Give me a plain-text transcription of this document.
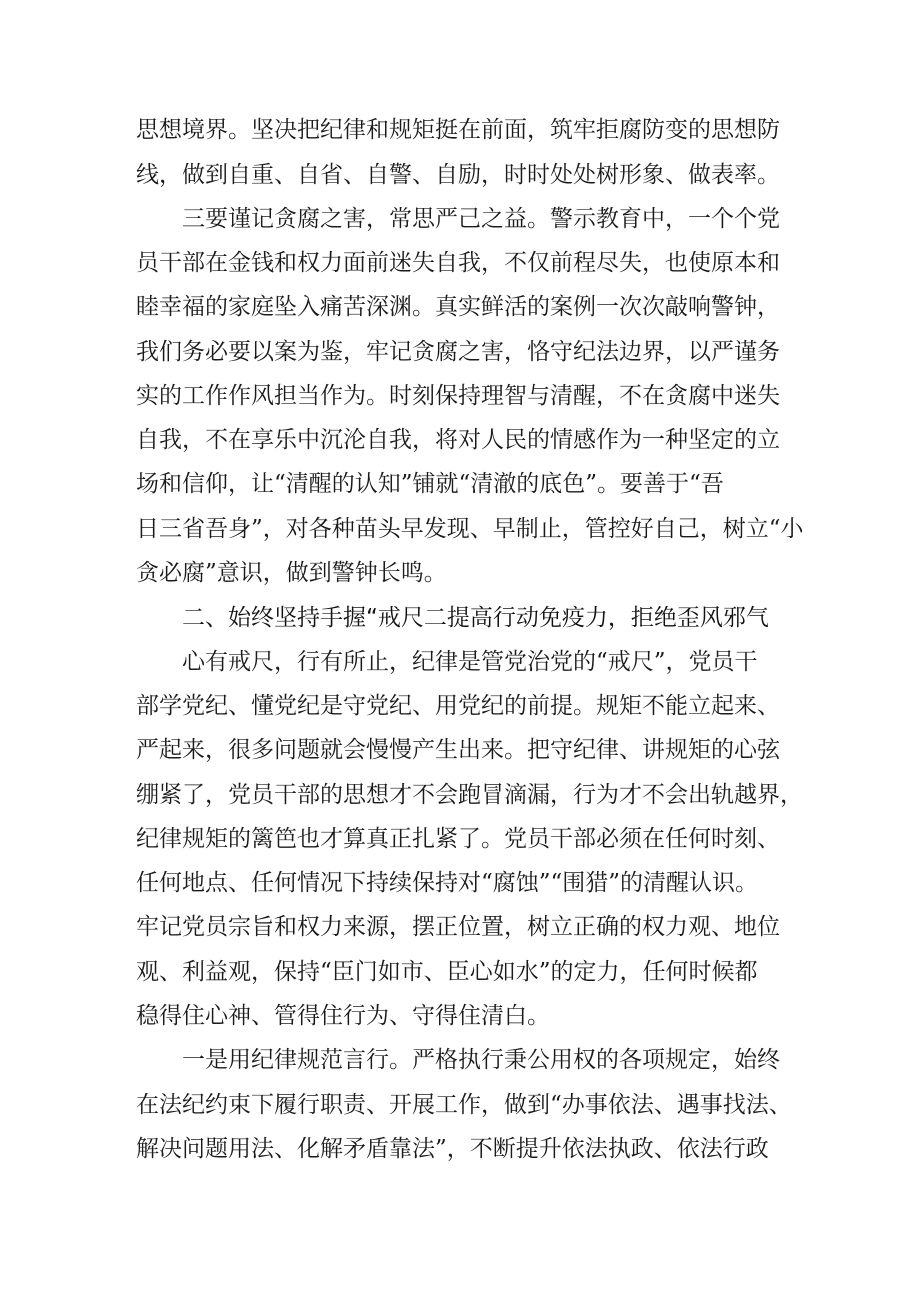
思想境界。坚决把纪律和规矩挺在前面，筑牢拒腐防变的思想防
线，做到自重、自省、自警、自励，时时处处树形象、做表率。
三要谨记贪腐之害，常思严己之益。警示教育中，一个个党
员干部在金钱和权力面前迷失自我，不仅前程尽失，也使原本和
睦幸福的家庭坠入痛苦深渊。真实鲜活的案例一次次敲响警钟，
我们务必要以案为鉴，牢记贪腐之害，恪守纪法边界，以严谨务
实的工作作风担当作为。时刻保持理智与清醒，不在贪腐中迷失
自我，不在享乐中沉沦自我，将对人民的情感作为一种坚定的立
场和信仰，让“清醒的认知”铺就“清澈的底色”。要善于“吾
日三省吾身”，对各种苗头早发现、早制止，管控好自己，树立“小
贪必腐”意识，做到警钟长鸣。
二、始终坚持手握“戒尺二提高行动免疫力，拒绝歪风邪气
心有戒尺，行有所止，纪律是管党治党的“戒尺”，党员干
部学党纪、懂党纪是守党纪、用党纪的前提。规矩不能立起来、
严起来，很多问题就会慢慢产生出来。把守纪律、讲规矩的心弦
绷紧了，党员干部的思想才不会跑冒滴漏，行为才不会出轨越界，
纪律规矩的篱笆也才算真正扎紧了。党员干部必须在任何时刻、
任何地点、任何情况下持续保持对“腐蚀”“围猎”的清醒认识。
牢记党员宗旨和权力来源，摆正位置，树立正确的权力观、地位
观、利益观，保持“臣门如市、臣心如水”的定力，任何时候都
稳得住心神、管得住行为、守得住清白。
一是用纪律规范言行。严格执行秉公用权的各项规定，始终
在法纪约束下履行职责、开展工作，做到“办事依法、遇事找法、
解决问题用法、化解矛盾靠法”，不断提升依法执政、依法行政
